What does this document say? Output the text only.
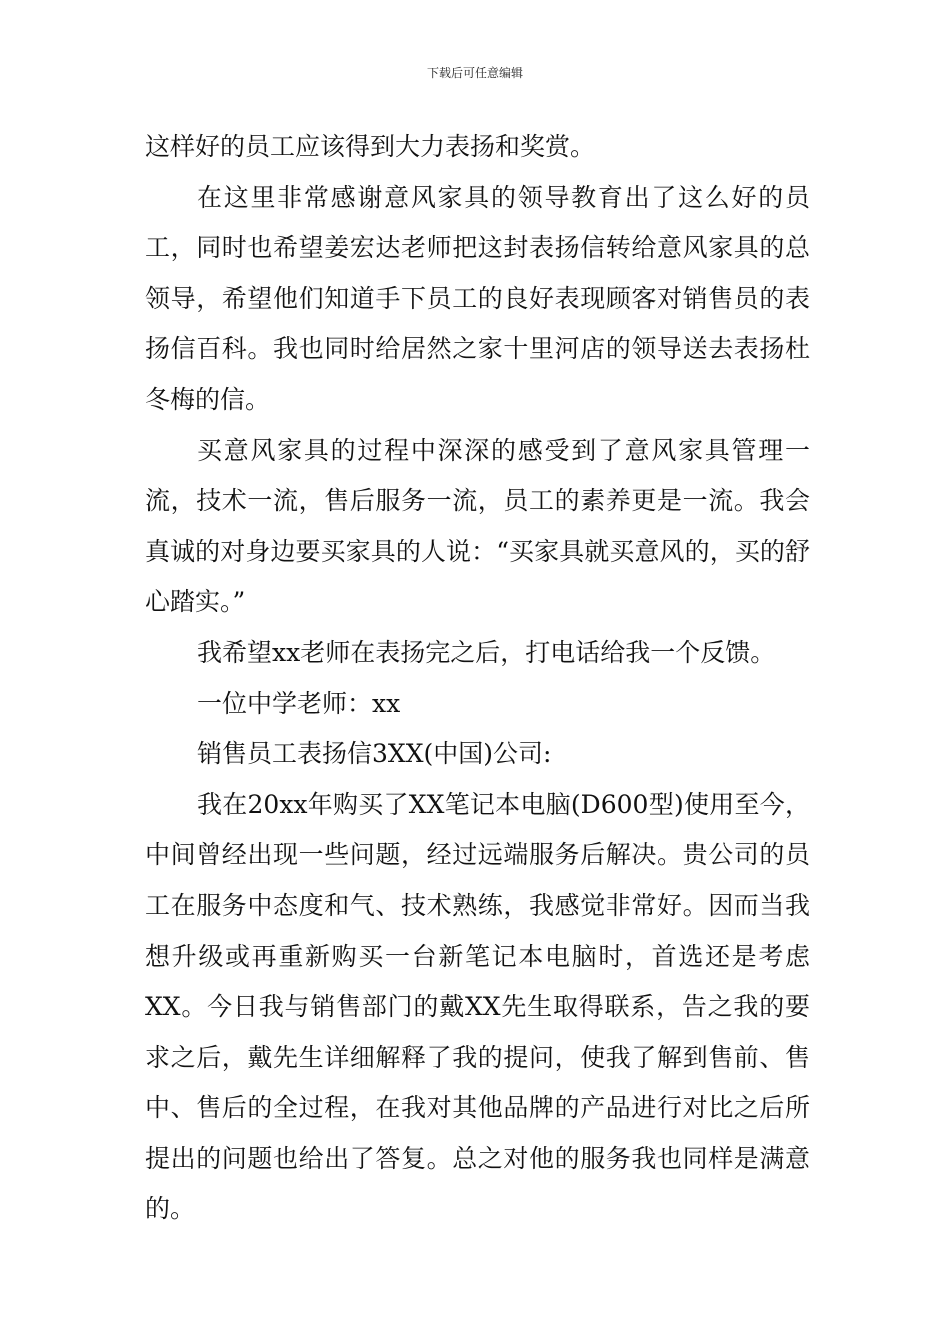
下载后可任意编辑

这样好的员工应该得到大力表扬和奖赏。

在这里非常感谢意风家具的领导教育出了这么好的员工，同时也希望姜宏达老师把这封表扬信转给意风家具的总领导，希望他们知道手下员工的良好表现顾客对销售员的表扬信百科。我也同时给居然之家十里河店的领导送去表扬杜冬梅的信。

买意风家具的过程中深深的感受到了意风家具管理一流，技术一流，售后服务一流，员工的素养更是一流。我会真诚的对身边要买家具的人说：“买家具就买意风的，买的舒心踏实。”

我希望xx老师在表扬完之后，打电话给我一个反馈。

一位中学老师：xx

销售员工表扬信3XX(中国)公司:

我在20xx年购买了XX笔记本电脑(D600型)使用至今，中间曾经出现一些问题，经过远端服务后解决。贵公司的员工在服务中态度和气、技术熟练，我感觉非常好。因而当我想升级或再重新购买一台新笔记本电脑时，首选还是考虑XX。今日我与销售部门的戴XX先生取得联系，告之我的要求之后，戴先生详细解释了我的提问，使我了解到售前、售中、售后的全过程，在我对其他品牌的产品进行对比之后所提出的问题也给出了答复。总之对他的服务我也同样是满意的。
